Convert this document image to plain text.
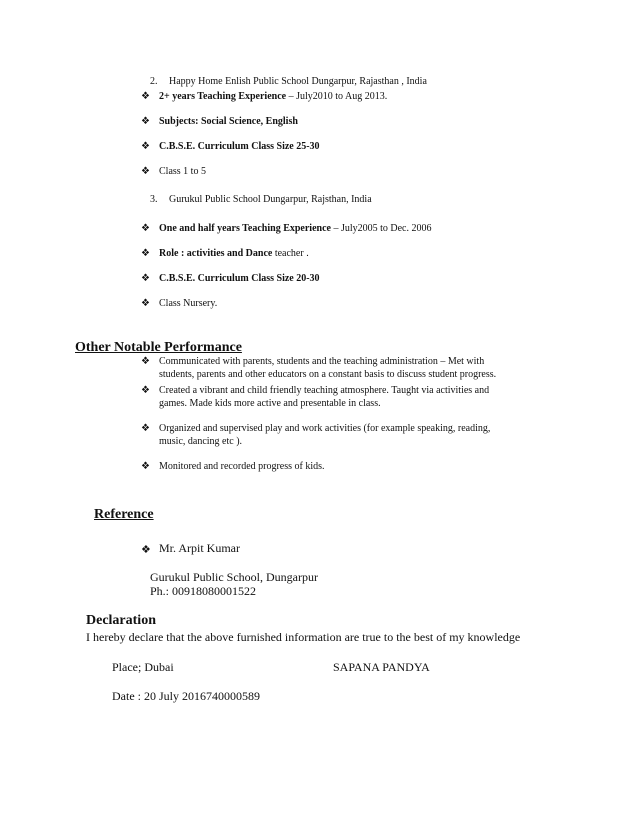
2. Happy Home Enlish Public School Dungarpur, Rajasthan , India
❖ 2+ years Teaching Experience – July2010 to Aug 2013.
❖ Subjects: Social Science, English
❖ C.B.S.E. Curriculum Class Size 25-30
❖ Class 1 to 5
3. Gurukul Public School Dungarpur, Rajsthan, India
❖ One and half years Teaching Experience – July2005 to Dec. 2006
❖ Role : activities and Dance teacher .
❖ C.B.S.E. Curriculum Class Size 20-30
❖ Class Nursery.
Other Notable Performance
❖ Communicated with parents, students and the teaching administration – Met with
students, parents and other educators on a constant basis to discuss student progress.
❖ Created a vibrant and child friendly teaching atmosphere. Taught via activities and
games. Made kids more active and presentable in class.
❖ Organized and supervised play and work activities (for example speaking, reading,
music, dancing etc ).
❖ Monitored and recorded progress of kids.
Reference
❖ Mr. Arpit Kumar
Gurukul Public School, Dungarpur
Ph.: 00918080001522
Declaration
I hereby declare that the above furnished information are true to the best of my knowledge
Place; Dubai	SAPANA PANDYA
Date : 20 July 2016740000589
